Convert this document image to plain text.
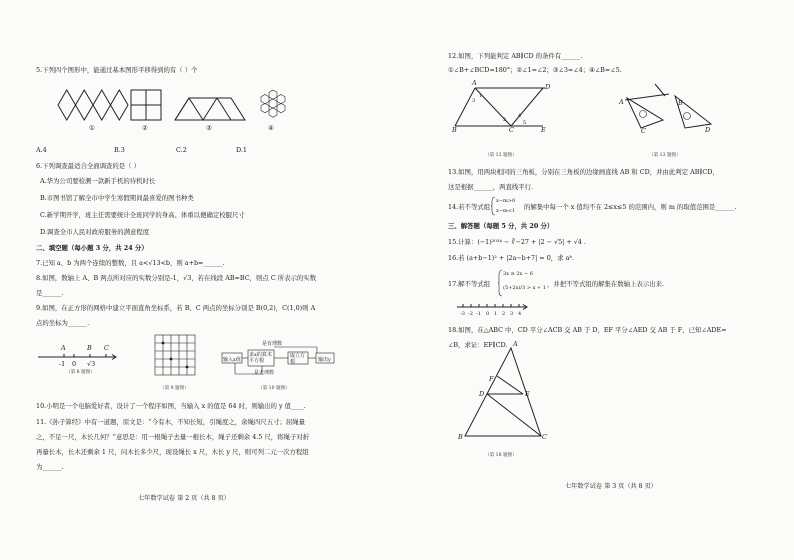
5.下列四个图形中，能通过基本图形平移得到的有（ ）个
①	②	③	④
A.4	B.3	C.2	D.1
6.下列调查最适合全面调查的是（ ）
A.华为公司要检测一款新手机的待机时长
B.市图书馆了解全市中学生寒假期间最喜爱的图书种类
C.新学期开学，班主任需要统计全班同学的身高、体重以便确定校服尺寸
D.调查全市人民对政府服务的满意程度
二、填空题（每小题 3 分，共 24 分）
7.已知 a、b 为两个连续的整数，且 a<√13<b，则 a+b=______.
8.如图，数轴上 A、B 两点所对应的实数分别是-1，√3，若在线段 AB=BC，则点 C 所表示的实数
是______.
9.如图，在正方形的网格中建立平面直角坐标系，若 B、C 两点的坐标分别是 B(0,2)，C(1,0)则 A
点的坐标为______.
A	B C
-1 0 √3
（第 8 题图）
（第 9 题图）
输入x值
求x的算术平方根
取立方根	输出y
是有理数
是无理数
（第 10 题图）
10.小明是一个电脑爱好者，设计了一个程序如图，当输入 x 的值是 64 时，则输出的 y 值____.
11.《孙子算经》中有一道题，原文是：“今有木，不知长短，引绳度之，余绳四尺五寸；屈绳量
之，不足一尺，木长几何？”意思是：用一根绳子去量一根长木，绳子还剩余 4.5 尺，将绳子对折
再量长木，长木还剩余 1 尺，问木长多少尺，现设绳长 x 尺，木长 y 尺，则可列二元一次方程组
为______.
七年数学试卷 第 2 页（共 8 页）
12.如图，下列能判定 AB∥CD 的条件有______.
①∠B+∠BCD=180°；②∠1=∠2；③∠3=∠4；④∠B=∠5.
A	D
B	C	E
1
2
3
4
5
（第 12 题图）
A	B
C	D
（第 13 题图）
13.如图，用两块相同的三角板，分别在三角板的边缘画直线 AB 和 CD，并由此判定 AB∥CD，
这是根据______，两直线平行.
14.若不等式组
x−m>0
x−m<1 的解集中每一个 x 值均不在 2≤x≤5 的范围内，则 m 的取值范围是______.
三、解答题（每题 5 分，共 20 分）
15.计算：(−1)²⁰²⁴ − ∛−27 + |2 − √5| + √4 .
16.若 (a+b−1)² + |2a−b+7| = 0，求 aᵇ.
17.解不等式组
3x ≥ 2x − 6
(5+2x)/3 > x + 1 ，并把不等式组的解集在数轴上表示出来.
-3 -2 -1 0 1 2 3 4
18.如图，在△ABC 中，CD 平分∠ACB 交 AB 于 D，EF 平分∠AED 交 AB 于 F，已知∠ADE=
∠B，求证：EF∥CD. A
F
D	E
B	C
（第 18 题图）
七年数学试卷 第 3 页（共 8 页）
